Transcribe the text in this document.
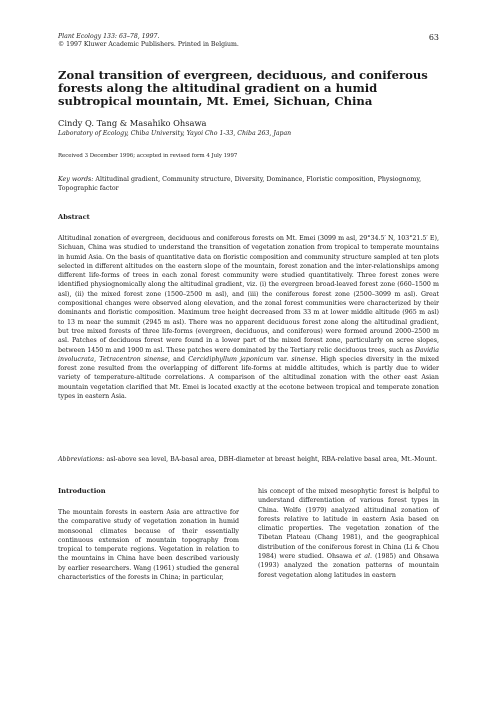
Plant Ecology 133: 63–78, 1997.
© 1997 Kluwer Academic Publishers. Printed in Belgium.
63
Zonal transition of evergreen, deciduous, and coniferous forests along the altitudinal gradient on a humid subtropical mountain, Mt. Emei, Sichuan, China
Cindy Q. Tang & Masahiko Ohsawa
Laboratory of Ecology, Chiba University, Yayoi Cho 1-33, Chiba 263, Japan
Received 3 December 1996; accepted in revised form 4 July 1997
Key words: Altitudinal gradient, Community structure, Diversity, Dominance, Floristic composition, Physiognomy, Topographic factor
Abstract
Altitudinal zonation of evergreen, deciduous and coniferous forests on Mt. Emei (3099 m asl, 29°34.5′ N, 103°21.5′ E), Sichuan, China was studied to understand the transition of vegetation zonation from tropical to temperate mountains in humid Asia. On the basis of quantitative data on floristic composition and community structure sampled at ten plots selected in different altitudes on the eastern slope of the mountain, forest zonation and the inter-relationships among different life-forms of trees in each zonal forest community were studied quantitatively. Three forest zones were identified physiognomically along the altitudinal gradient, viz. (i) the evergreen broad-leaved forest zone (660–1500 m asl), (ii) the mixed forest zone (1500–2500 m asl), and (iii) the coniferous forest zone (2500–3099 m asl). Great compositional changes were observed along elevation, and the zonal forest communities were characterized by their dominants and floristic composition. Maximum tree height decreased from 33 m at lower middle altitude (965 m asl) to 13 m near the summit (2945 m asl). There was no apparent deciduous forest zone along the altitudinal gradient, but tree mixed forests of three life-forms (evergreen, deciduous, and coniferous) were formed around 2000–2500 m asl. Patches of deciduous forest were found in a lower part of the mixed forest zone, particularly on scree slopes, between 1450 m and 1900 m asl. These patches were dominated by the Tertiary relic deciduous trees, such as Davidia involucrata, Tetracentron sinense, and Cercidiphyllum japonicum var. sinense. High species diversity in the mixed forest zone resulted from the overlapping of different life-forms at middle altitudes, which is partly due to wider variety of temperature-altitude correlations. A comparison of the altitudinal zonation with the other east Asian mountain vegetation clarified that Mt. Emei is located exactly at the ecotone between tropical and temperate zonation types in eastern Asia.
Abbreviations: asl-above sea level, BA-basal area, DBH-diameter at breast height, RBA-relative basal area, Mt.-Mount.
Introduction
The mountain forests in eastern Asia are attractive for the comparative study of vegetation zonation in humid monsoonal climates because of their essentially continuous extension of mountain topography from tropical to temperate regions. Vegetation in relation to the mountains in China have been described variously by earlier researchers. Wang (1961) studied the general characteristics of the forests in China; in particular,
his concept of the mixed mesophytic forest is helpful to understand differentiation of various forest types in China. Wolfe (1979) analyzed altitudinal zonation of forests relative to latitude in eastern Asia based on climatic properties. The vegetation zonation of the Tibetan Plateau (Chang 1981), and the geographical distribution of the coniferous forest in China (Li & Chou 1984) were studied. Ohsawa et al. (1985) and Ohsawa (1993) analyzed the zonation patterns of mountain forest vegetation along latitudes in eastern
